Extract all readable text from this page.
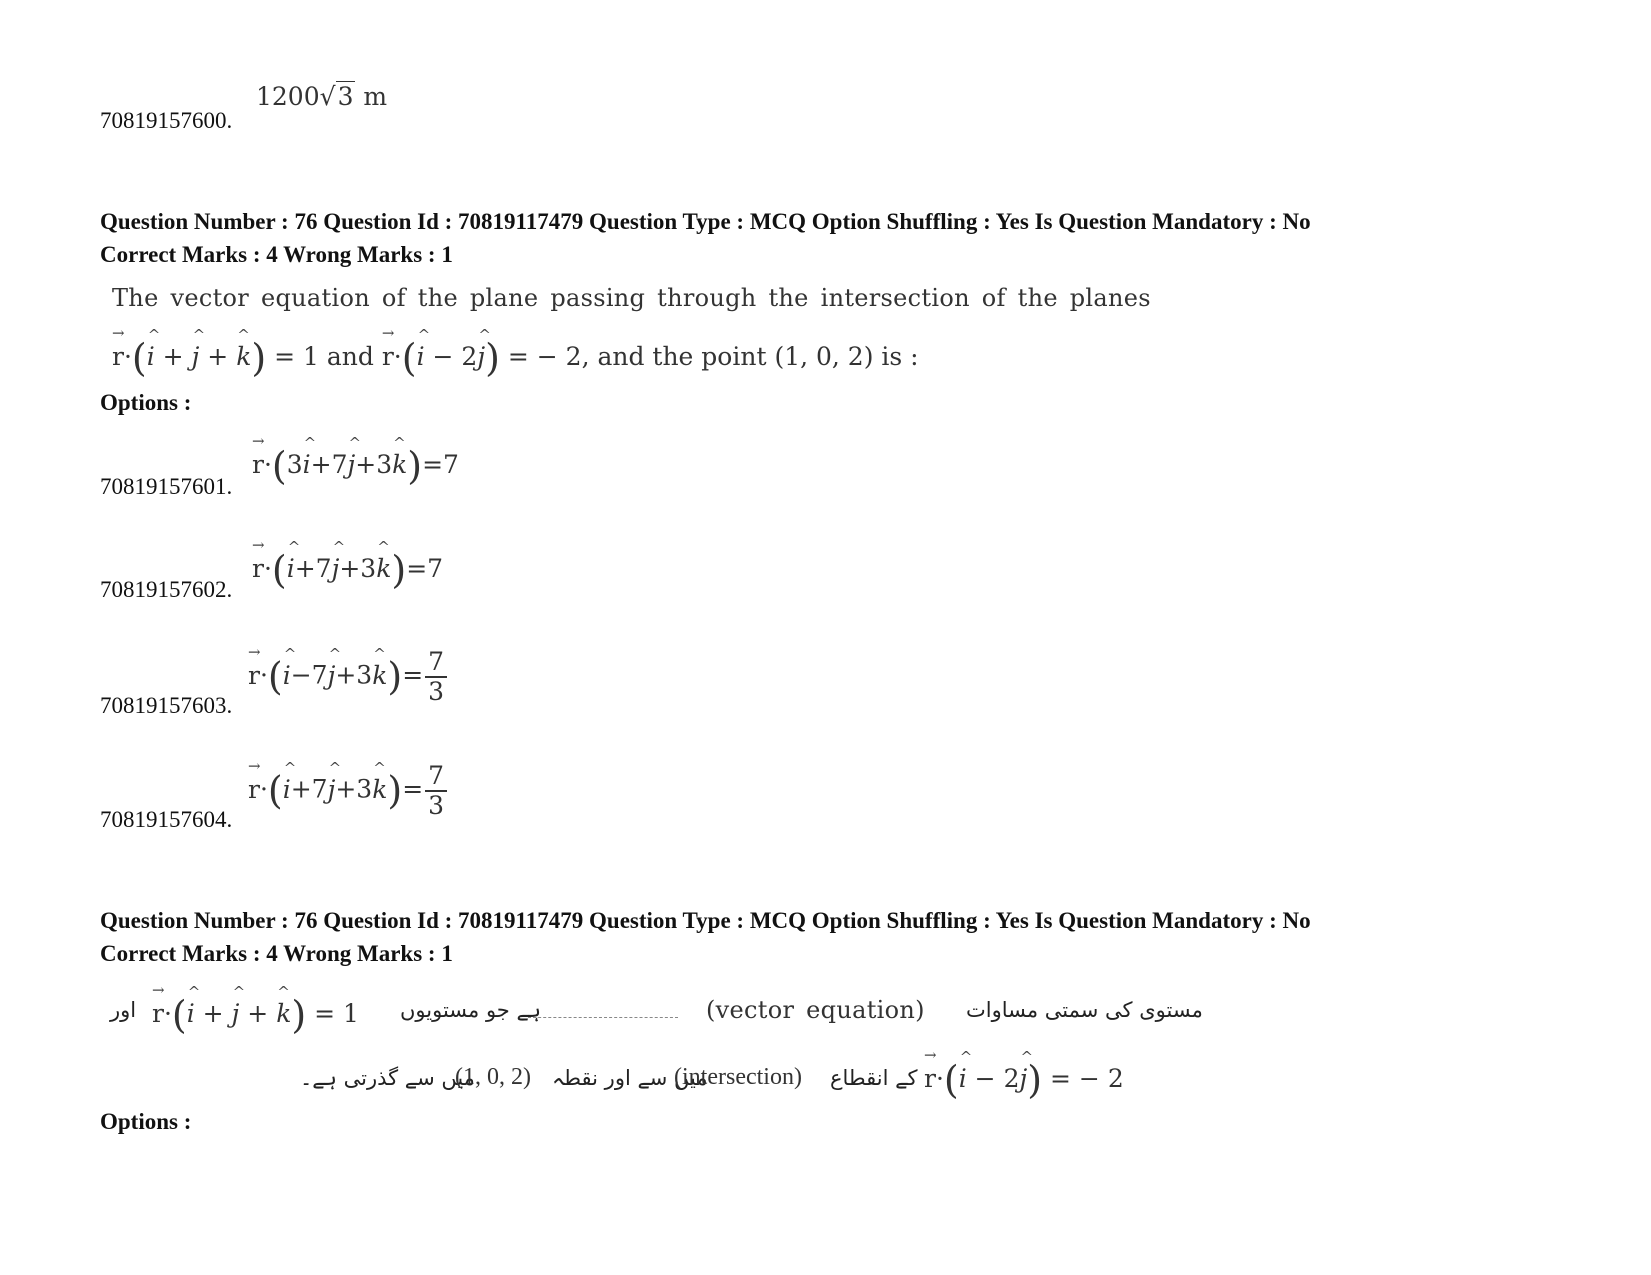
1200√3 m
70819157600.
Question Number : 76 Question Id : 70819117479 Question Type : MCQ Option Shuffling : Yes Is Question Mandatory : No
Correct Marks : 4 Wrong Marks : 1
The vector equation of the plane passing through the intersection of the planes
→ r·(^ i + ^ j + ^ k) = 1 and → r·(^ i − 2^ j) = − 2, and the point (1, 0, 2) is :
Options :
→ r·(3^ i+7^ j+3^ k)=7
70819157601.
→ r·(^ i+7^ j+3^ k)=7
70819157602.
→ r·(^ i−7^ j+3^ $k)= \frac{7}{3}$
70819157603.
→ r·(^ i+7^ j+3^ $k)= \frac{7}{3}$
70819157604.
Question Number : 76 Question Id : 70819117479 Question Type : MCQ Option Shuffling : Yes Is Question Mandatory : No
Correct Marks : 4 Wrong Marks : 1
اور → r·(^ i + ^ j + ^ k) = 1 ہے جو مستویوں	(vector equation) مستوی کی سمتی مساوات
میں سے گذرتی ہے۔
(1, 0, 2) میں سے اور نقطہ
(intersection) کے انقطاع → r·(^ i − 2^ j) = − 2
Options :
